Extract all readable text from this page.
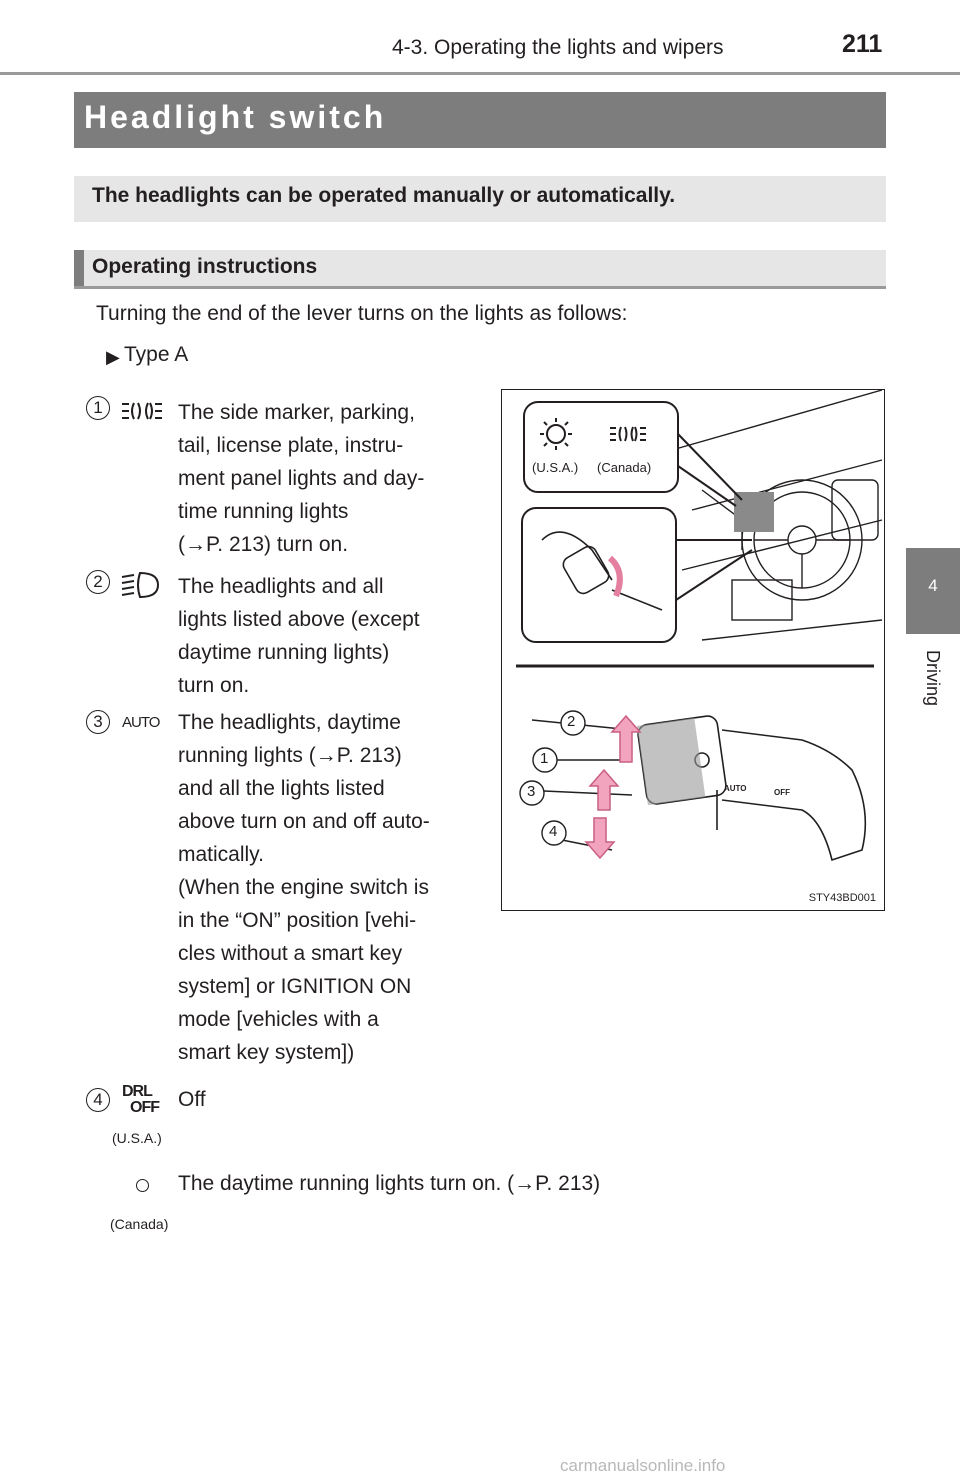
4-3. Operating the lights and wipers	211
4
Driving
Headlight switch
The headlights can be operated manually or automatically.
Operating instructions
Turning the end of the lever turns on the lights as follows:
▶ Type A
1	The side marker, parking,
tail, license plate, instru-
ment panel lights and day-
time running lights
(→P. 213) turn on.
2	The headlights and all
lights listed above (except
daytime running lights)
turn on.
3	AUTO The headlights, daytime
running lights (→P. 213)
and all the lights listed
above turn on and off auto-
matically.
(When the engine switch is
in the “ON” position [vehi-
cles without a smart key
system] or IGNITION ON
mode [vehicles with a
smart key system])
4	DRL
OFF Off
(U.S.A.)
The daytime running lights turn on. (→P. 213)
(Canada)
(U.S.A.) (Canada)
2
1
3
4
AUTO	OFF
STY43BD001
carmanualsonline.info
